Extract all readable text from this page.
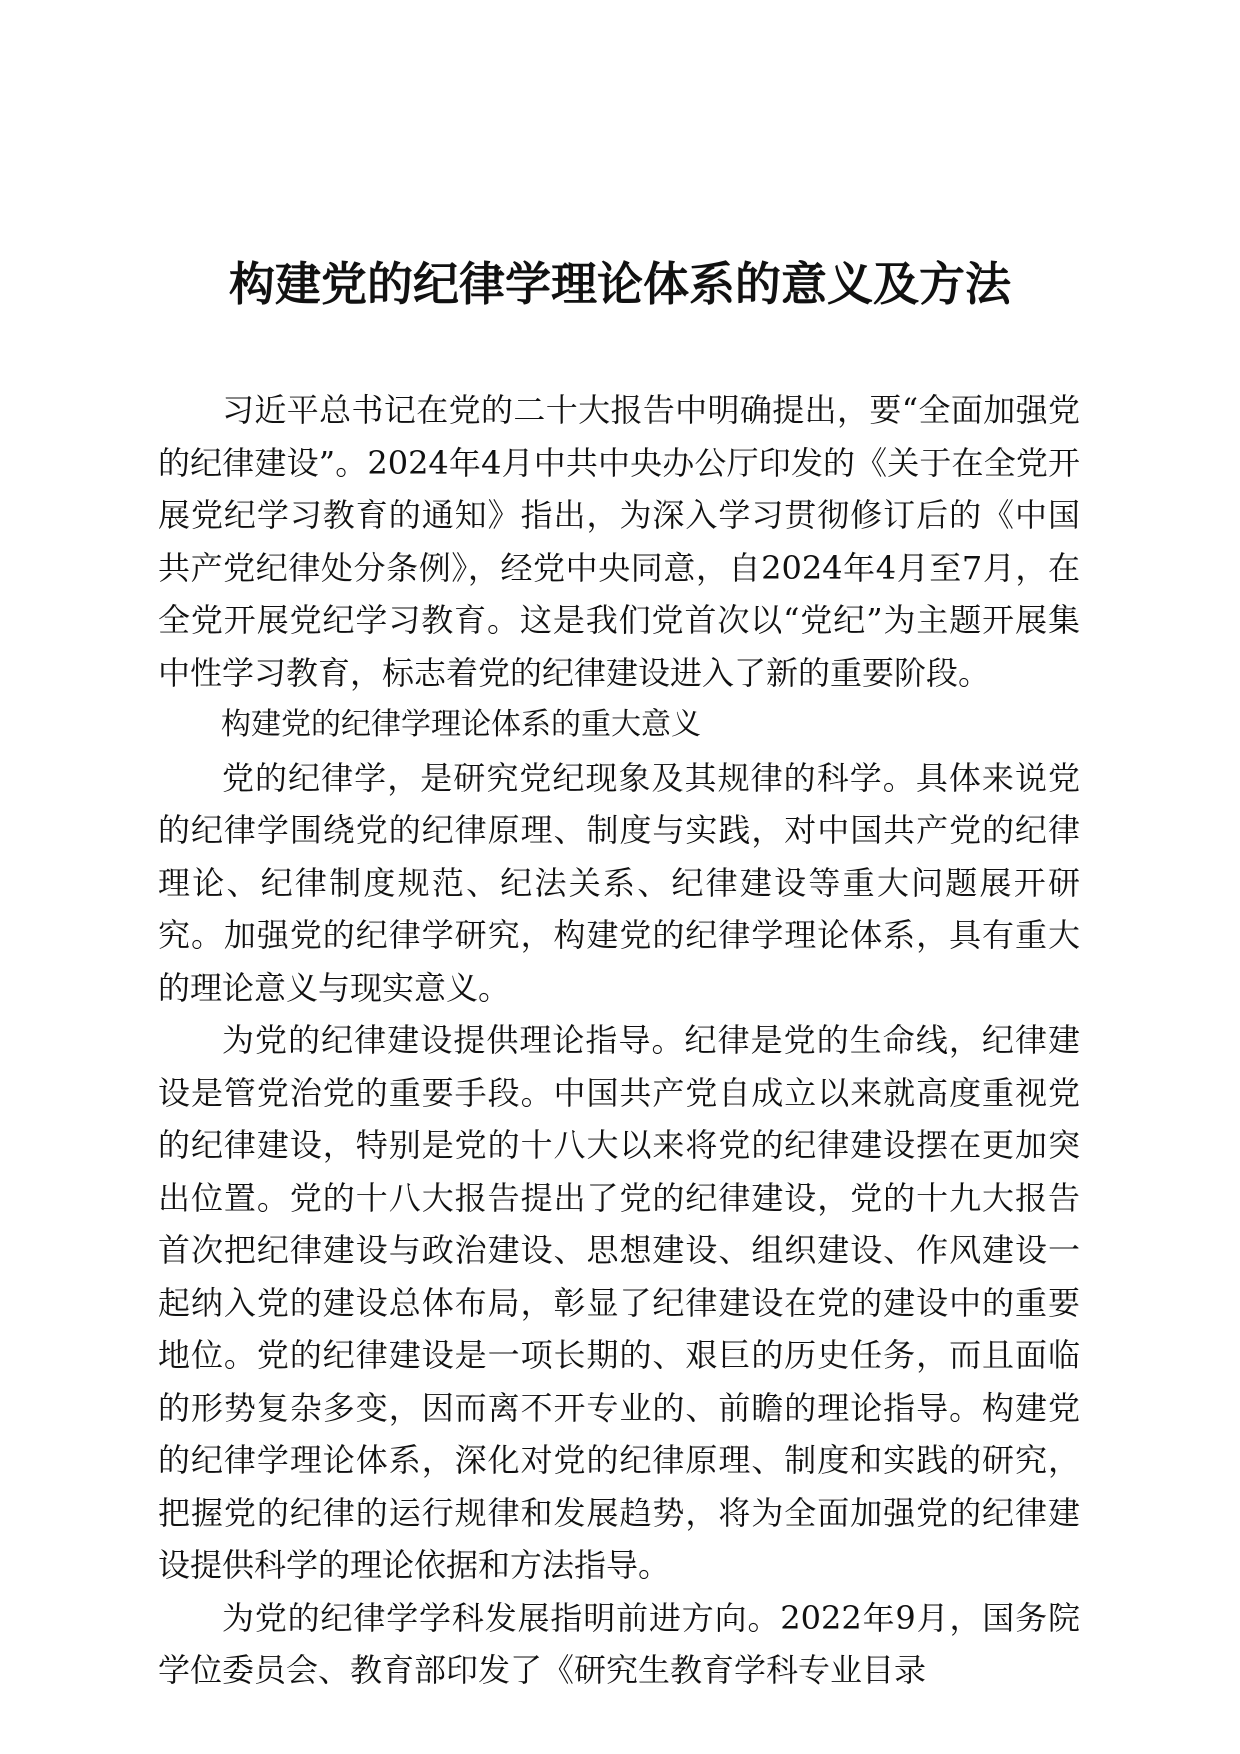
构建党的纪律学理论体系的意义及方法

习近平总书记在党的二十大报告中明确提出，要“全面加强党的纪律建设”。2024年4月中共中央办公厅印发的《关于在全党开展党纪学习教育的通知》指出，为深入学习贯彻修订后的《中国共产党纪律处分条例》，经党中央同意，自2024年4月至7月，在全党开展党纪学习教育。这是我们党首次以“党纪”为主题开展集中性学习教育，标志着党的纪律建设进入了新的重要阶段。

构建党的纪律学理论体系的重大意义

党的纪律学，是研究党纪现象及其规律的科学。具体来说党的纪律学围绕党的纪律原理、制度与实践，对中国共产党的纪律理论、纪律制度规范、纪法关系、纪律建设等重大问题展开研究。加强党的纪律学研究，构建党的纪律学理论体系，具有重大的理论意义与现实意义。

为党的纪律建设提供理论指导。纪律是党的生命线，纪律建设是管党治党的重要手段。中国共产党自成立以来就高度重视党的纪律建设，特别是党的十八大以来将党的纪律建设摆在更加突出位置。党的十八大报告提出了党的纪律建设，党的十九大报告首次把纪律建设与政治建设、思想建设、组织建设、作风建设一起纳入党的建设总体布局，彰显了纪律建设在党的建设中的重要地位。党的纪律建设是一项长期的、艰巨的历史任务，而且面临的形势复杂多变，因而离不开专业的、前瞻的理论指导。构建党的纪律学理论体系，深化对党的纪律原理、制度和实践的研究，把握党的纪律的运行规律和发展趋势，将为全面加强党的纪律建设提供科学的理论依据和方法指导。

为党的纪律学学科发展指明前进方向。2022年9月，国务院学位委员会、教育部印发了《研究生教育学科专业目录
